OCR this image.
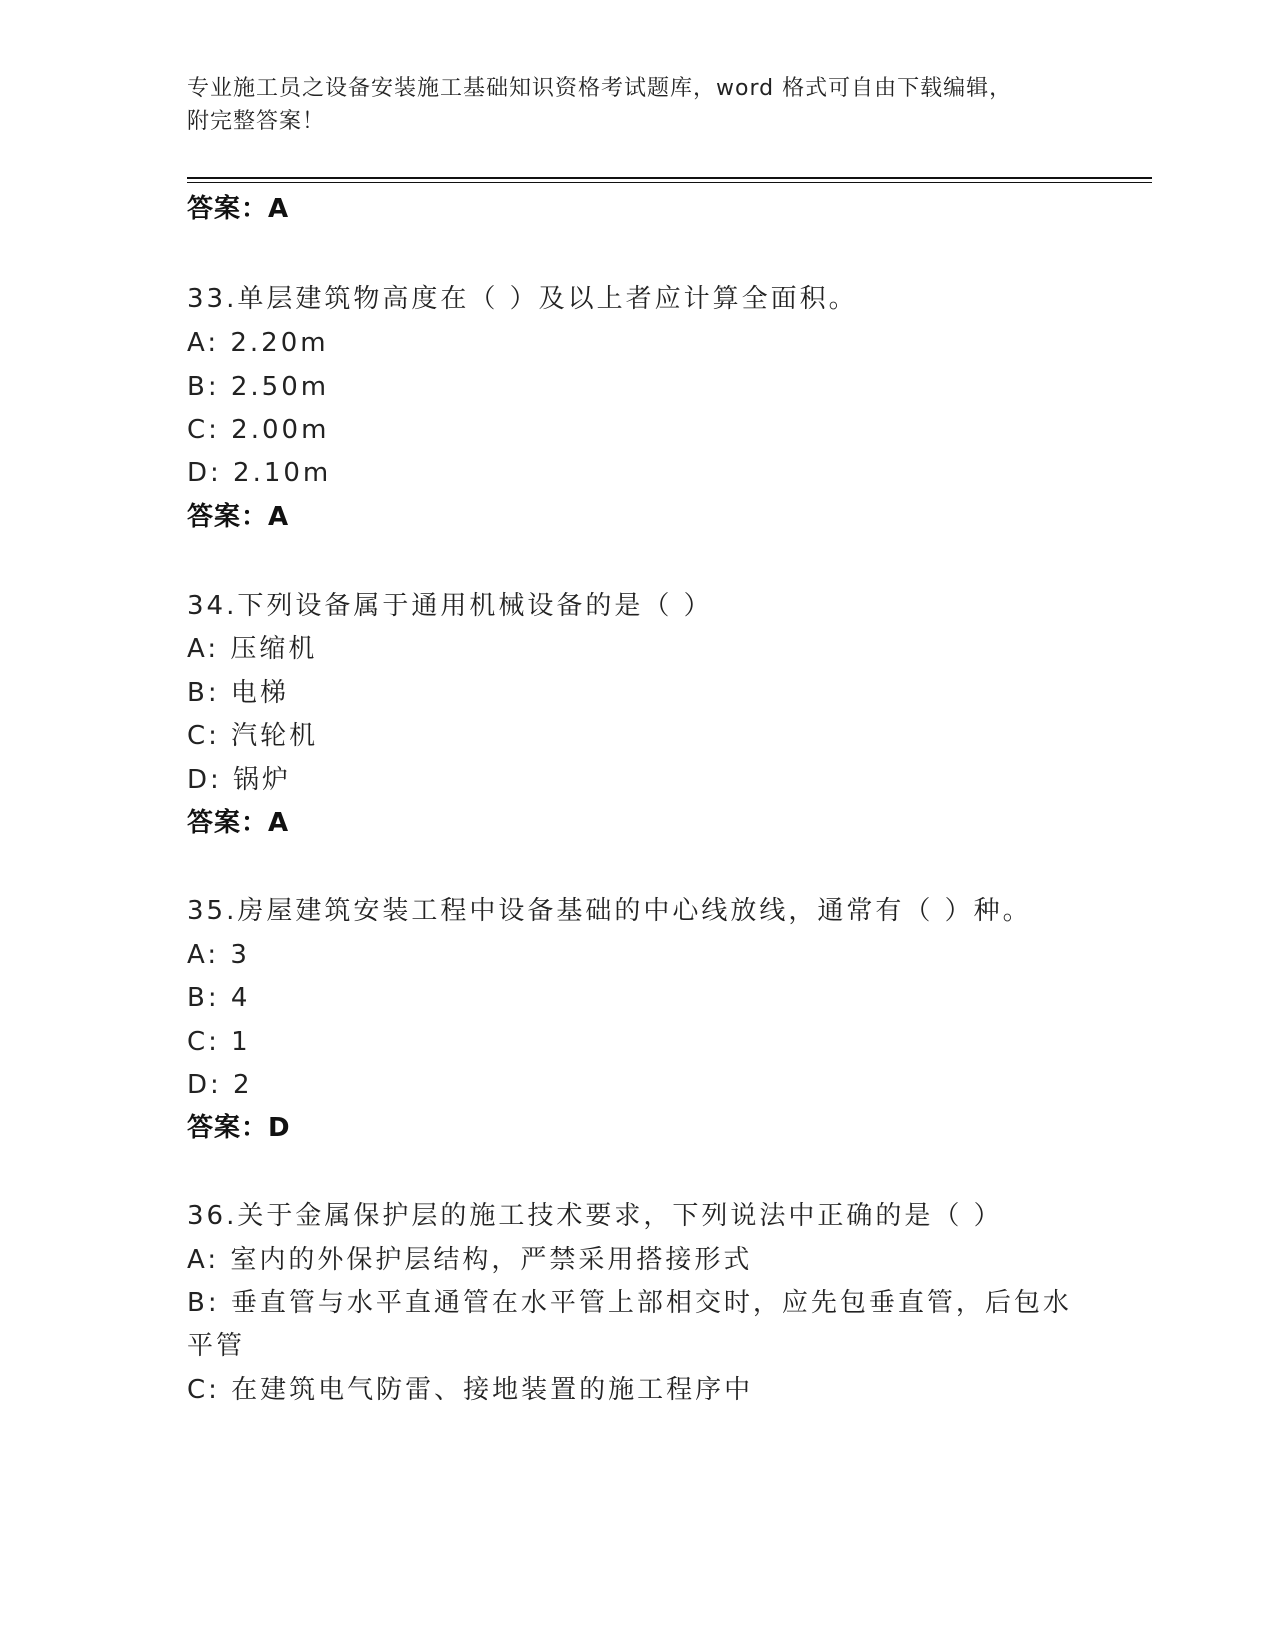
专业施工员之设备安装施工基础知识资格考试题库，word 格式可自由下载编辑，
附完整答案！
答案：A
33.单层建筑物高度在（ ）及以上者应计算全面积。
A: 2.20m
B: 2.50m
C: 2.00m
D: 2.10m
答案：A
34.下列设备属于通用机械设备的是（ ）
A: 压缩机
B: 电梯
C: 汽轮机
D: 锅炉
答案：A
35.房屋建筑安装工程中设备基础的中心线放线，通常有（ ）种。
A: 3
B: 4
C: 1
D: 2
答案：D
36.关于金属保护层的施工技术要求，下列说法中正确的是（ ）
A: 室内的外保护层结构，严禁采用搭接形式
B: 垂直管与水平直通管在水平管上部相交时，应先包垂直管，后包水
平管
C: 在建筑电气防雷、接地装置的施工程序中
